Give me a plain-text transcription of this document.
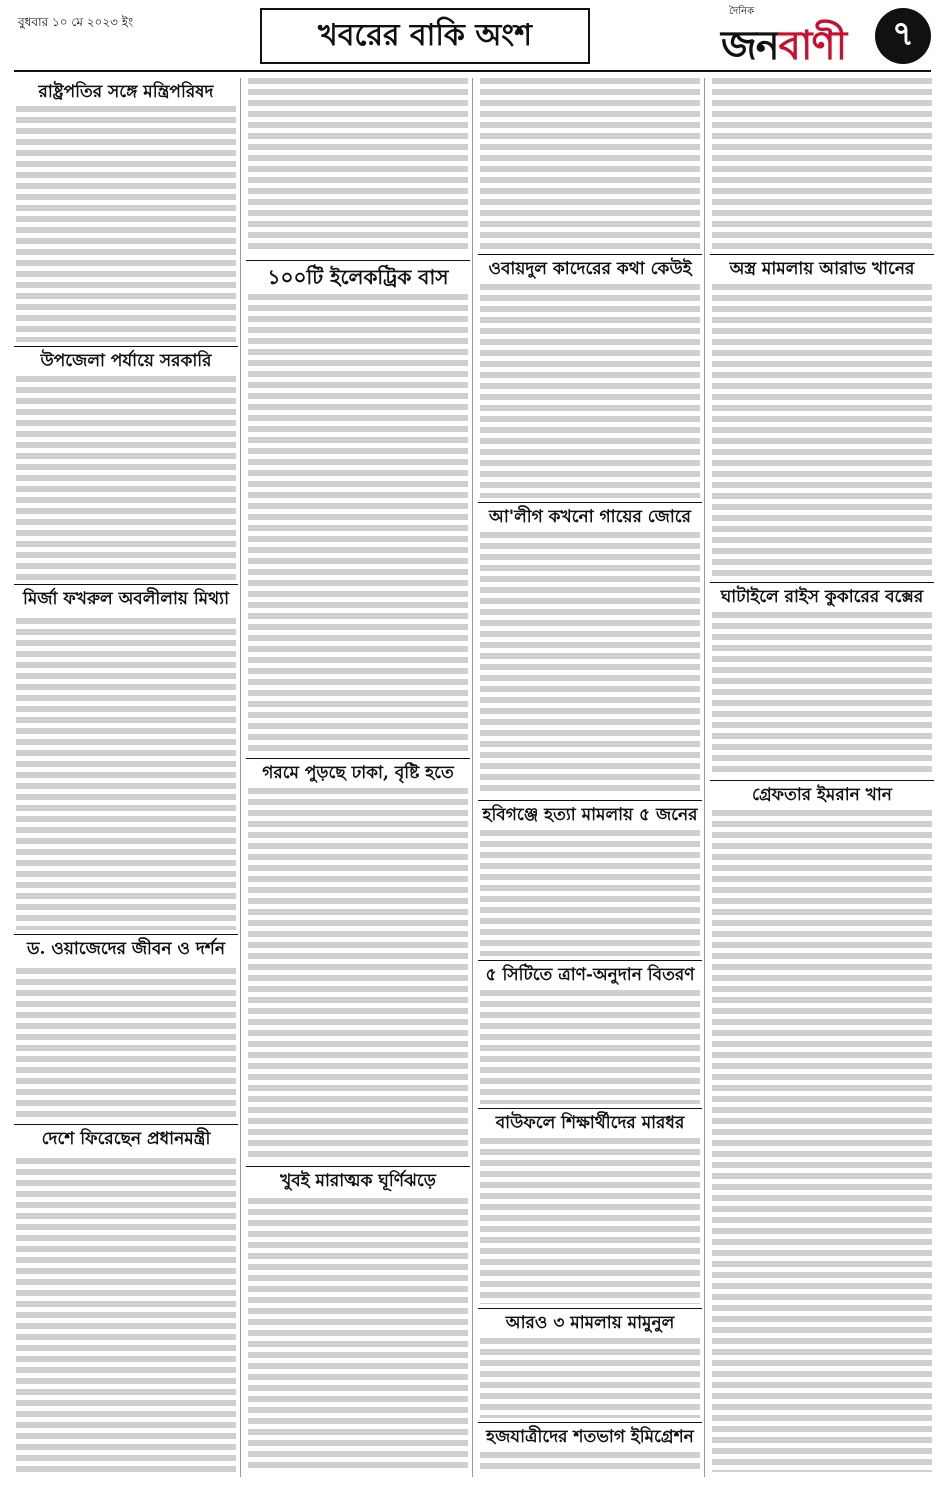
বুধবার ১০ মে ২০২৩ ইং	খবরের বাকি অংশ
দৈনিক
জনবাণী	৭
রাষ্ট্রপতির সঙ্গে মন্ত্রিপরিষদ
উপজেলা পর্যায়ে সরকারি
মির্জা ফখরুল অবলীলায় মিথ্যা
ড. ওয়াজেদের জীবন ও দর্শন
দেশে ফিরেছেন প্রধানমন্ত্রী
১০০টি ইলেকট্রিক বাস
গরমে পুড়ছে ঢাকা, বৃষ্টি হতে
খুবই মারাত্মক ঘূর্ণিঝড়ে
ওবায়দুল কাদেরের কথা কেউই
আ'লীগ কখনো গায়ের জোরে
হবিগঞ্জে হত্যা মামলায় ৫ জনের
৫ সিটিতে ত্রাণ-অনুদান বিতরণ
বাউফলে শিক্ষার্থীদের মারধর
আরও ৩ মামলায় মামুনুল
হজযাত্রীদের শতভাগ ইমিগ্রেশন
অস্ত্র মামলায় আরাভ খানের
ঘাটাইলে রাইস কুকারের বক্সের
গ্রেফতার ইমরান খান
